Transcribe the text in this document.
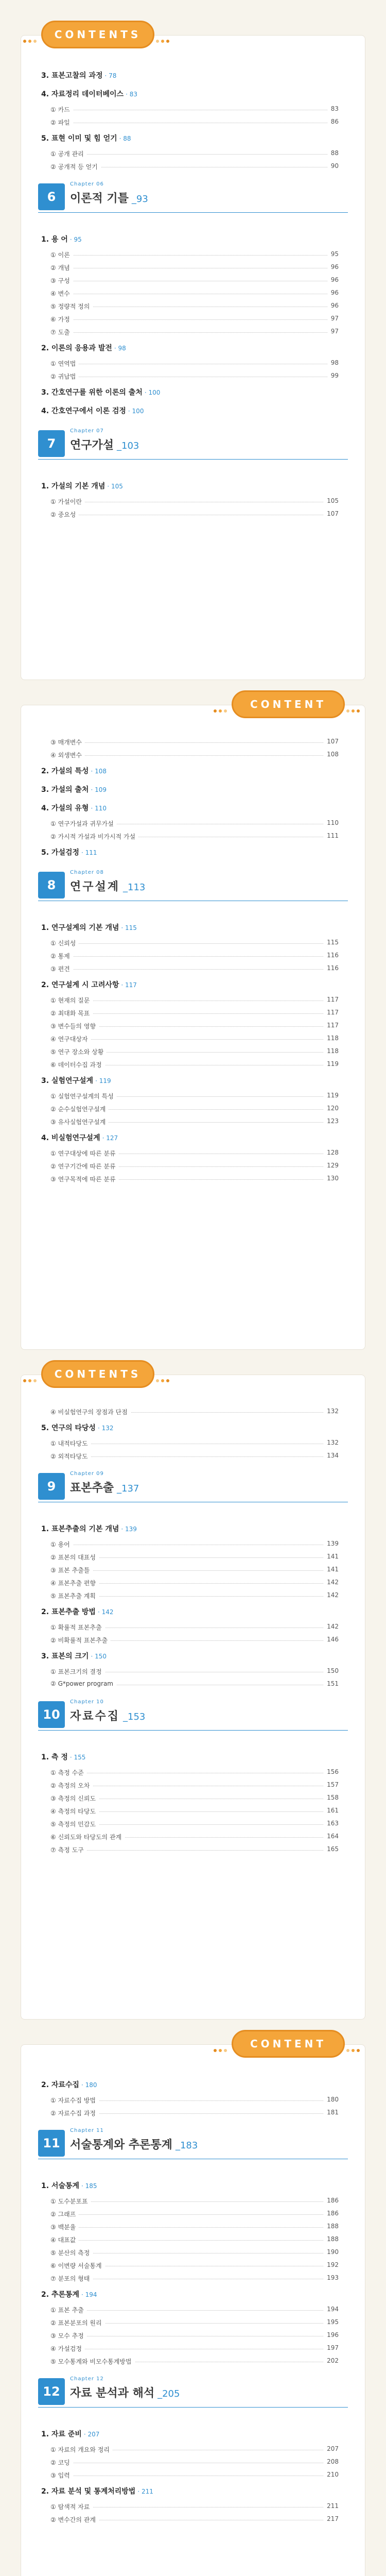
CONTENTS
3. 표본고찰의 과정 · 78
4. 자료정리 데이터베이스 · 83
① 카드	83
② 파일	86
5. 표현 이미 및 힘 얻기 · 88
① 공개 관리	88
② 공개적 등 얻기	90
6
Chapter 06
이론적 기틀 _93
1. 용 어 · 95
① 이론	95
② 개념	96
③ 구성	96
④ 변수	96
⑤ 정량적 정의	96
⑥ 가정	97
⑦ 도출	97
2. 이론의 응용과 발전 · 98
① 연역법	98
② 귀납법	99
3. 간호연구를 위한 이론의 출처 · 100
4. 간호연구에서 이론 검정 · 100
7
Chapter 07
연구가설 _103
1. 가설의 기본 개념 · 105
① 가설이란	105
② 중요성	107
CONTENT
③ 매개변수	107
④ 외생변수	108
2. 가설의 특성 · 108
3. 가설의 출처 · 109
4. 가설의 유형 · 110
① 연구가설과 귀무가설	110
② 가시적 가설과 비가시적 가설	111
5. 가설검정 · 111
8
Chapter 08
연구설계 _113
1. 연구설계의 기본 개념 · 115
① 신뢰성	115
② 통제	116
③ 편견	116
2. 연구설계 시 고려사항 · 117
① 현재의 질문	117
② 최대화 목표	117
③ 변수들의 영향	117
④ 연구대상자	118
⑤ 연구 장소와 상황	118
⑥ 데이터수집 과정	119
3. 실험연구설계 · 119
① 실험연구설계의 특성	119
② 순수실험연구설계	120
③ 유사실험연구설계	123
4. 비실험연구설계 · 127
① 연구대상에 따른 분류	128
② 연구기간에 따른 분류	129
③ 연구목적에 따른 분류	130
CONTENTS
④ 비실험연구의 장점과 단점	132
5. 연구의 타당성 · 132
① 내적타당도	132
② 외적타당도	134
9
Chapter 09
표본추출 _137
1. 표본추출의 기본 개념 · 139
① 용어	139
② 표본의 대표성	141
③ 표본 추출틀	141
④ 표본추출 편향	142
⑤ 표본추출 계획	142
2. 표본추출 방법 · 142
① 확률적 표본추출	142
② 비확률적 표본추출	146
3. 표본의 크기 · 150
① 표본크기의 결정	150
② G*power program	151
10
Chapter 10
자료수집 _153
1. 측 정 · 155
① 측정 수준	156
② 측정의 오차	157
③ 측정의 신뢰도	158
④ 측정의 타당도	161
⑤ 측정의 민감도	163
⑥ 신뢰도와 타당도의 관계	164
⑦ 측정 도구	165
CONTENT
2. 자료수집 · 180
① 자료수집 방법	180
② 자료수집 과정	181
11
Chapter 11
서술통계와 추론통계 _183
1. 서술통계 · 185
① 도수분포표	186
② 그래프	186
③ 백분율	188
④ 대표값	188
⑤ 분산의 측정	190
⑥ 이변량 서술통계	192
⑦ 분포의 형태	193
2. 추론통계 · 194
① 표본 추출	194
② 표본분포의 원리	195
③ 모수 추정	196
④ 가설검정	197
⑤ 모수통계와 비모수통계방법	202
12
Chapter 12
자료 분석과 해석 _205
1. 자료 준비 · 207
① 자료의 개요와 정리	207
② 코딩	208
③ 입력	210
2. 자료 분석 및 통계처리방법 · 211
① 탐색적 자료	211
② 변수간의 관계	217
